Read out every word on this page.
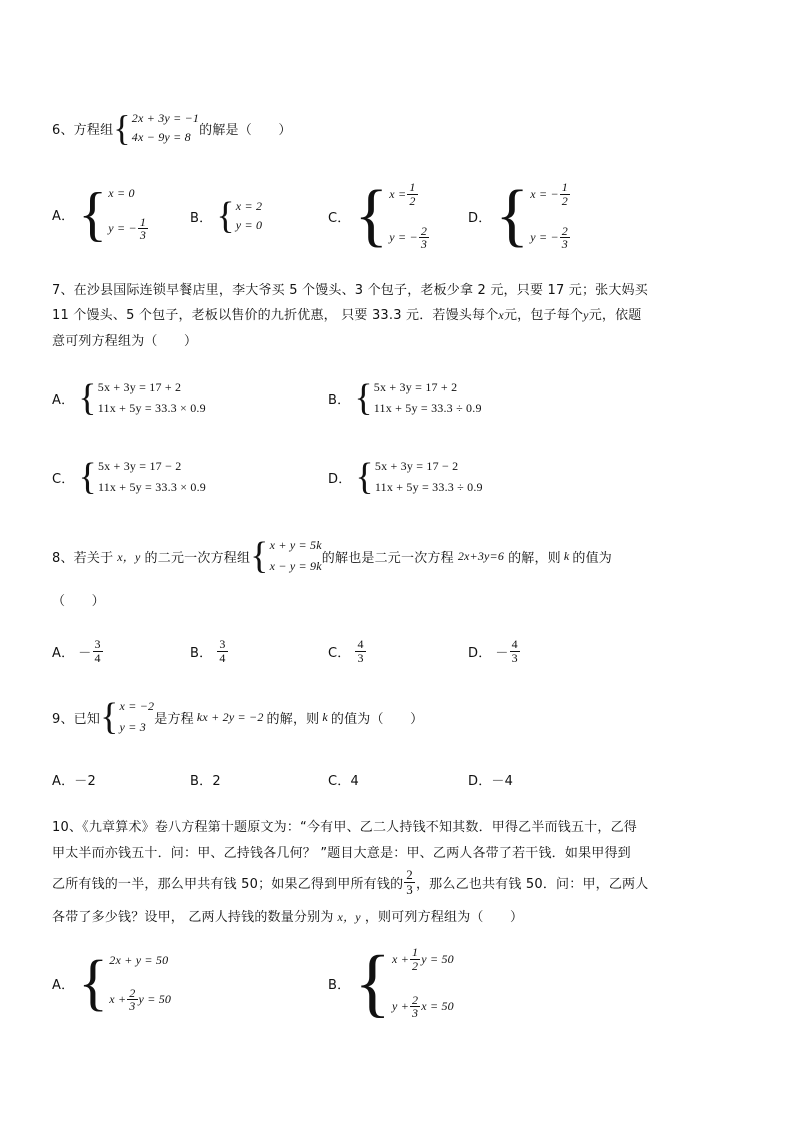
6、方程组 { 2x + 3y = −1
4x − 9y = 8 的解是（　　）
A． { x = 0
y = − $\frac{1}{3}$	B． { x = 2
y = 0	C． { $x = \frac{1}{2}$
y = − $\frac{2}{3}$
D． { x = − $\frac{1}{2}$
y = − $\frac{2}{3}$
7、在沙县国际连锁早餐店里，李大爷买 5 个馒头、3 个包子，老板少拿 2 元，只要 17 元；张大妈买
11 个馒头、5 个包子，老板以售价的九折优惠， 只要 33.3 元．若馒头每个x元，包子每个y元，依题
意可列方程组为（　　）
A． { 5x + 3y = 17 + 2
11x + 5y = 33.3 × 0.9
B． { 5x + 3y = 17 + 2
11x + 5y = 33.3 ÷ 0.9
C． { 5x + 3y = 17 − 2
11x + 5y = 33.3 × 0.9
D． { 5x + 3y = 17 − 2
11x + 5y = 33.3 ÷ 0.9
8、若关于 x，y 的二元一次方程组 { x + y = 5k
x − y = 9k
的解也是二元一次方程 2x+3y=6 的解，则 k 的值为
（　　）
A． － $\frac{3}{4}$	B． $\frac{3}{4}$	C． $\frac{4}{3}$	D． － $\frac{4}{3}$
9、已知 { x = −2
y = 3
是方程 kx + 2y = −2 的解，则 k 的值为（　　）
A．－2	B．2	C．4	D．－4
10、《九章算术》卷八方程第十题原文为：“今有甲、乙二人持钱不知其数．甲得乙半而钱五十，乙得
甲太半而亦钱五十．问：甲、乙持钱各几何？ ”题目大意是：甲、乙两人各带了若干钱．如果甲得到
乙所有钱的一半，那么甲共有钱 50；如果乙得到甲所有钱的 $\frac{2}{3}$ ，那么乙也共有钱 50．问：甲，乙两人
各带了多少钱？设甲， 乙两人持钱的数量分别为 x，y ，则可列方程组为（　　）
A． { 2x + y = 50
$x + \frac{2}{3}$ y = 50
B． { $x + \frac{1}{2}$ y = 50
$y + \frac{2}{3}$ x = 50
